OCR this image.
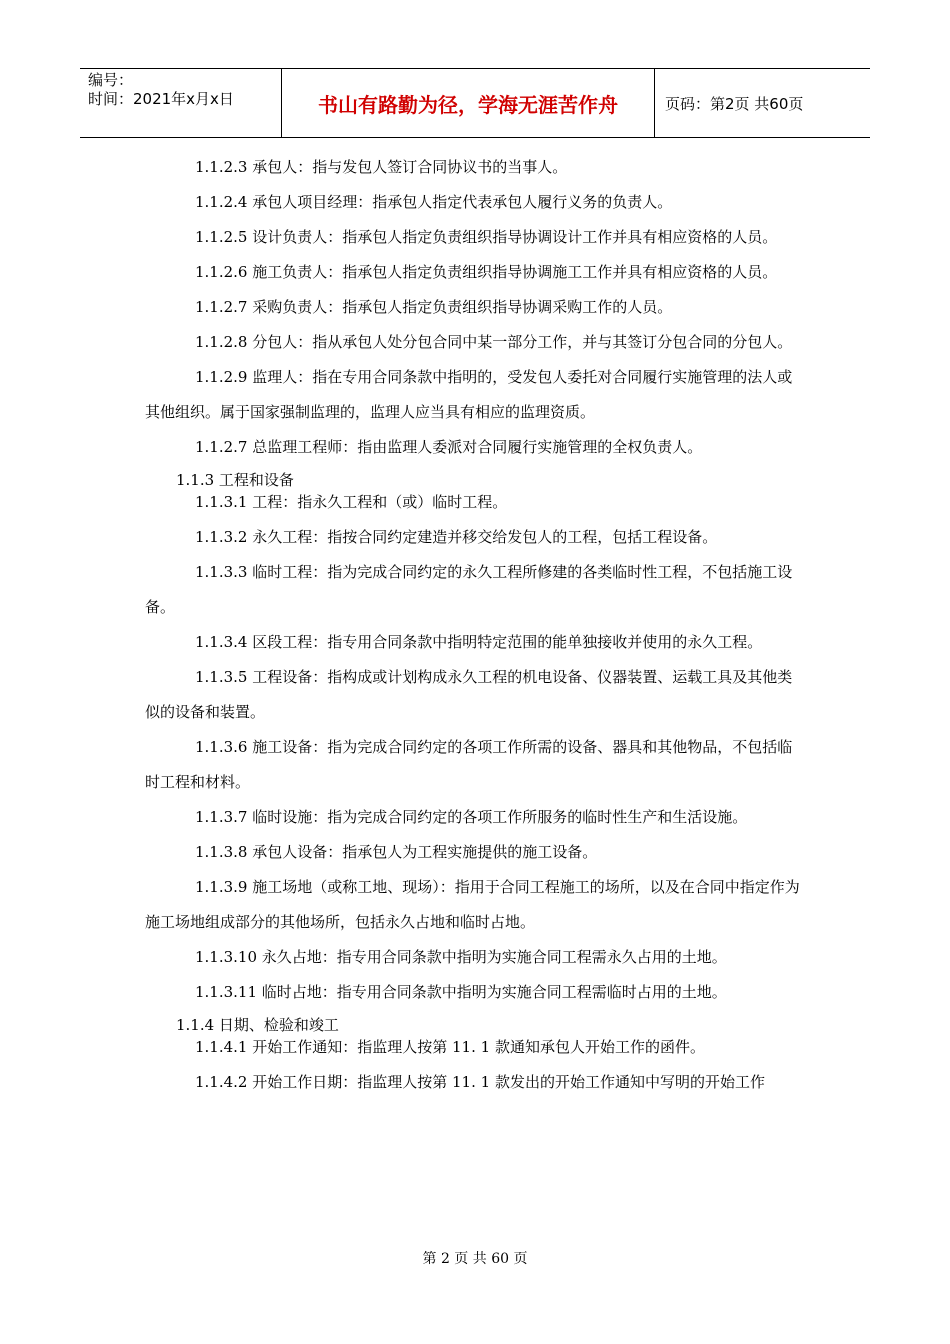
编号：
时间：2021年x月x日	书山有路勤为径，学海无涯苦作舟	页码：第2页 共60页

1.1.2.3 承包人：指与发包人签订合同协议书的当事人。

1.1.2.4 承包人项目经理：指承包人指定代表承包人履行义务的负责人。

1.1.2.5 设计负责人：指承包人指定负责组织指导协调设计工作并具有相应资格的人员。

1.1.2.6 施工负责人：指承包人指定负责组织指导协调施工工作并具有相应资格的人员。

1.1.2.7 采购负责人：指承包人指定负责组织指导协调采购工作的人员。

1.1.2.8 分包人：指从承包人处分包合同中某一部分工作，并与其签订分包合同的分包人。

1.1.2.9 监理人：指在专用合同条款中指明的，受发包人委托对合同履行实施管理的法人或其他组织。属于国家强制监理的，监理人应当具有相应的监理资质。

1.1.2.7 总监理工程师：指由监理人委派对合同履行实施管理的全权负责人。

1.1.3 工程和设备

1.1.3.1 工程：指永久工程和（或）临时工程。

1.1.3.2 永久工程：指按合同约定建造并移交给发包人的工程，包括工程设备。

1.1.3.3 临时工程：指为完成合同约定的永久工程所修建的各类临时性工程，不包括施工设备。

1.1.3.4 区段工程：指专用合同条款中指明特定范围的能单独接收并使用的永久工程。

1.1.3.5 工程设备：指构成或计划构成永久工程的机电设备、仪器装置、运载工具及其他类似的设备和装置。

1.1.3.6 施工设备：指为完成合同约定的各项工作所需的设备、器具和其他物品，不包括临时工程和材料。

1.1.3.7 临时设施：指为完成合同约定的各项工作所服务的临时性生产和生活设施。

1.1.3.8 承包人设备：指承包人为工程实施提供的施工设备。

1.1.3.9 施工场地（或称工地、现场）：指用于合同工程施工的场所，以及在合同中指定作为施工场地组成部分的其他场所，包括永久占地和临时占地。

1.1.3.10 永久占地：指专用合同条款中指明为实施合同工程需永久占用的土地。

1.1.3.11 临时占地：指专用合同条款中指明为实施合同工程需临时占用的土地。

1.1.4 日期、检验和竣工

1.1.4.1 开始工作通知：指监理人按第 11. 1 款通知承包人开始工作的函件。

1.1.4.2 开始工作日期：指监理人按第 11. 1 款发出的开始工作通知中写明的开始工作

第 2 页 共 60 页
